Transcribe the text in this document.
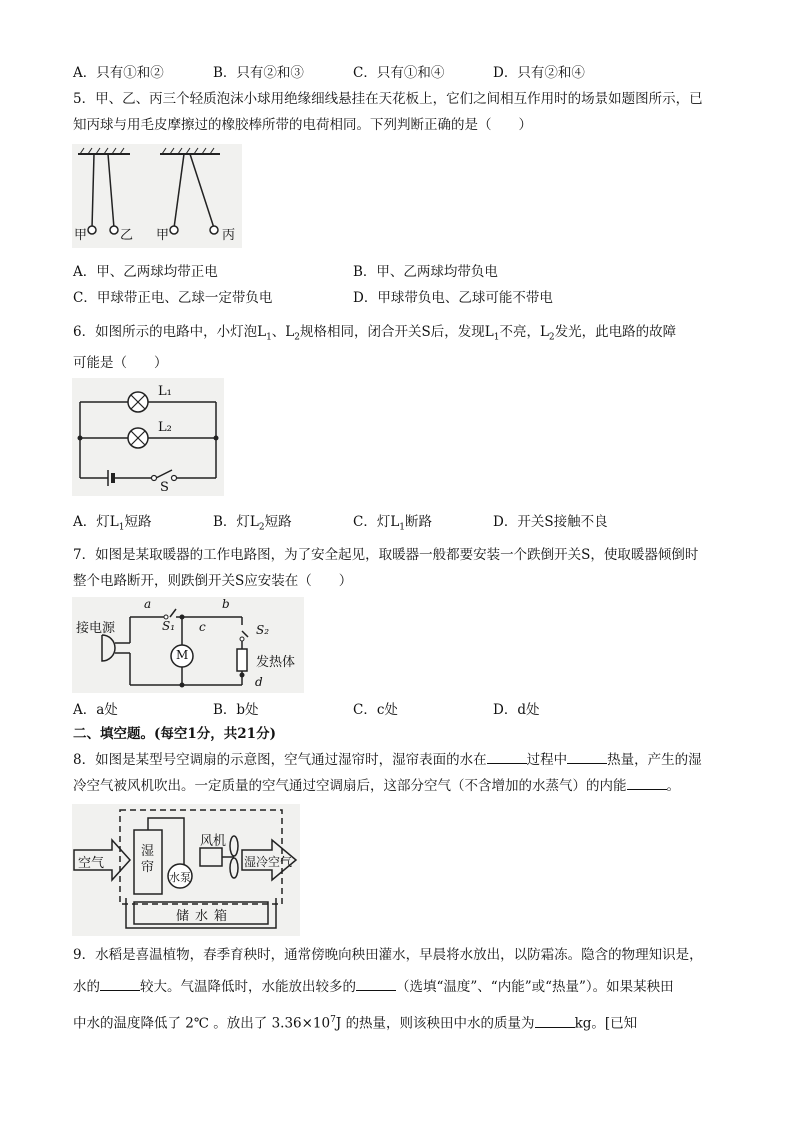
A．只有①和②	B．只有②和③	C．只有①和④	D．只有②和④
5．甲、乙、丙三个轻质泡沫小球用绝缘细线悬挂在天花板上，它们之间相互作用时的场景如题图所示，已
知丙球与用毛皮摩擦过的橡胶棒所带的电荷相同。下列判断正确的是（　　）
甲	乙 甲	丙
A．甲、乙两球均带正电	B．甲、乙两球均带负电
C．甲球带正电、乙球一定带负电	D．甲球带负电、乙球可能不带电
6．如图所示的电路中，小灯泡$L_1$、$L_2$规格相同，闭合开关S后，发现$L_1$不亮，$L_2$发光，此电路的故障
可能是（　　）
L₁
L₂
S
A．灯$L_1$短路	B．灯$L_2$短路	C．灯$L_1$断路	D．开关S接触不良
7．如图是某取暖器的工作电路图，为了安全起见，取暖器一般都要安装一个跌倒开关S，使取暖器倾倒时
整个电路断开，则跌倒开关S应安装在（　　）
a	b
c
d
S₁	S₂
接电源
M	发热体
A．a处	B．b处	C．c处	D．d处
二、填空题。(每空1分，共21分)
8．如图是某型号空调扇的示意图，空气通过湿帘时，湿帘表面的水在	过程中	热量，产生的湿
冷空气被风机吹出。一定质量的空气通过空调扇后，这部分空气（不含增加的水蒸气）的内能	。
空气
湿帘
水泵
风机
湿冷空气
储水箱
9．水稻是喜温植物，春季育秧时，通常傍晚向秧田灌水，早晨将水放出，以防霜冻。隐含的物理知识是，
水的	较大。气温降低时，水能放出较多的	（选填“温度”、“内能”或“热量”）。如果某秧田
中水的温度降低了 2℃ 。放出了 $3.36\times 10^7J$ 的热量，则该秧田中水的质量为	kg。[已知
